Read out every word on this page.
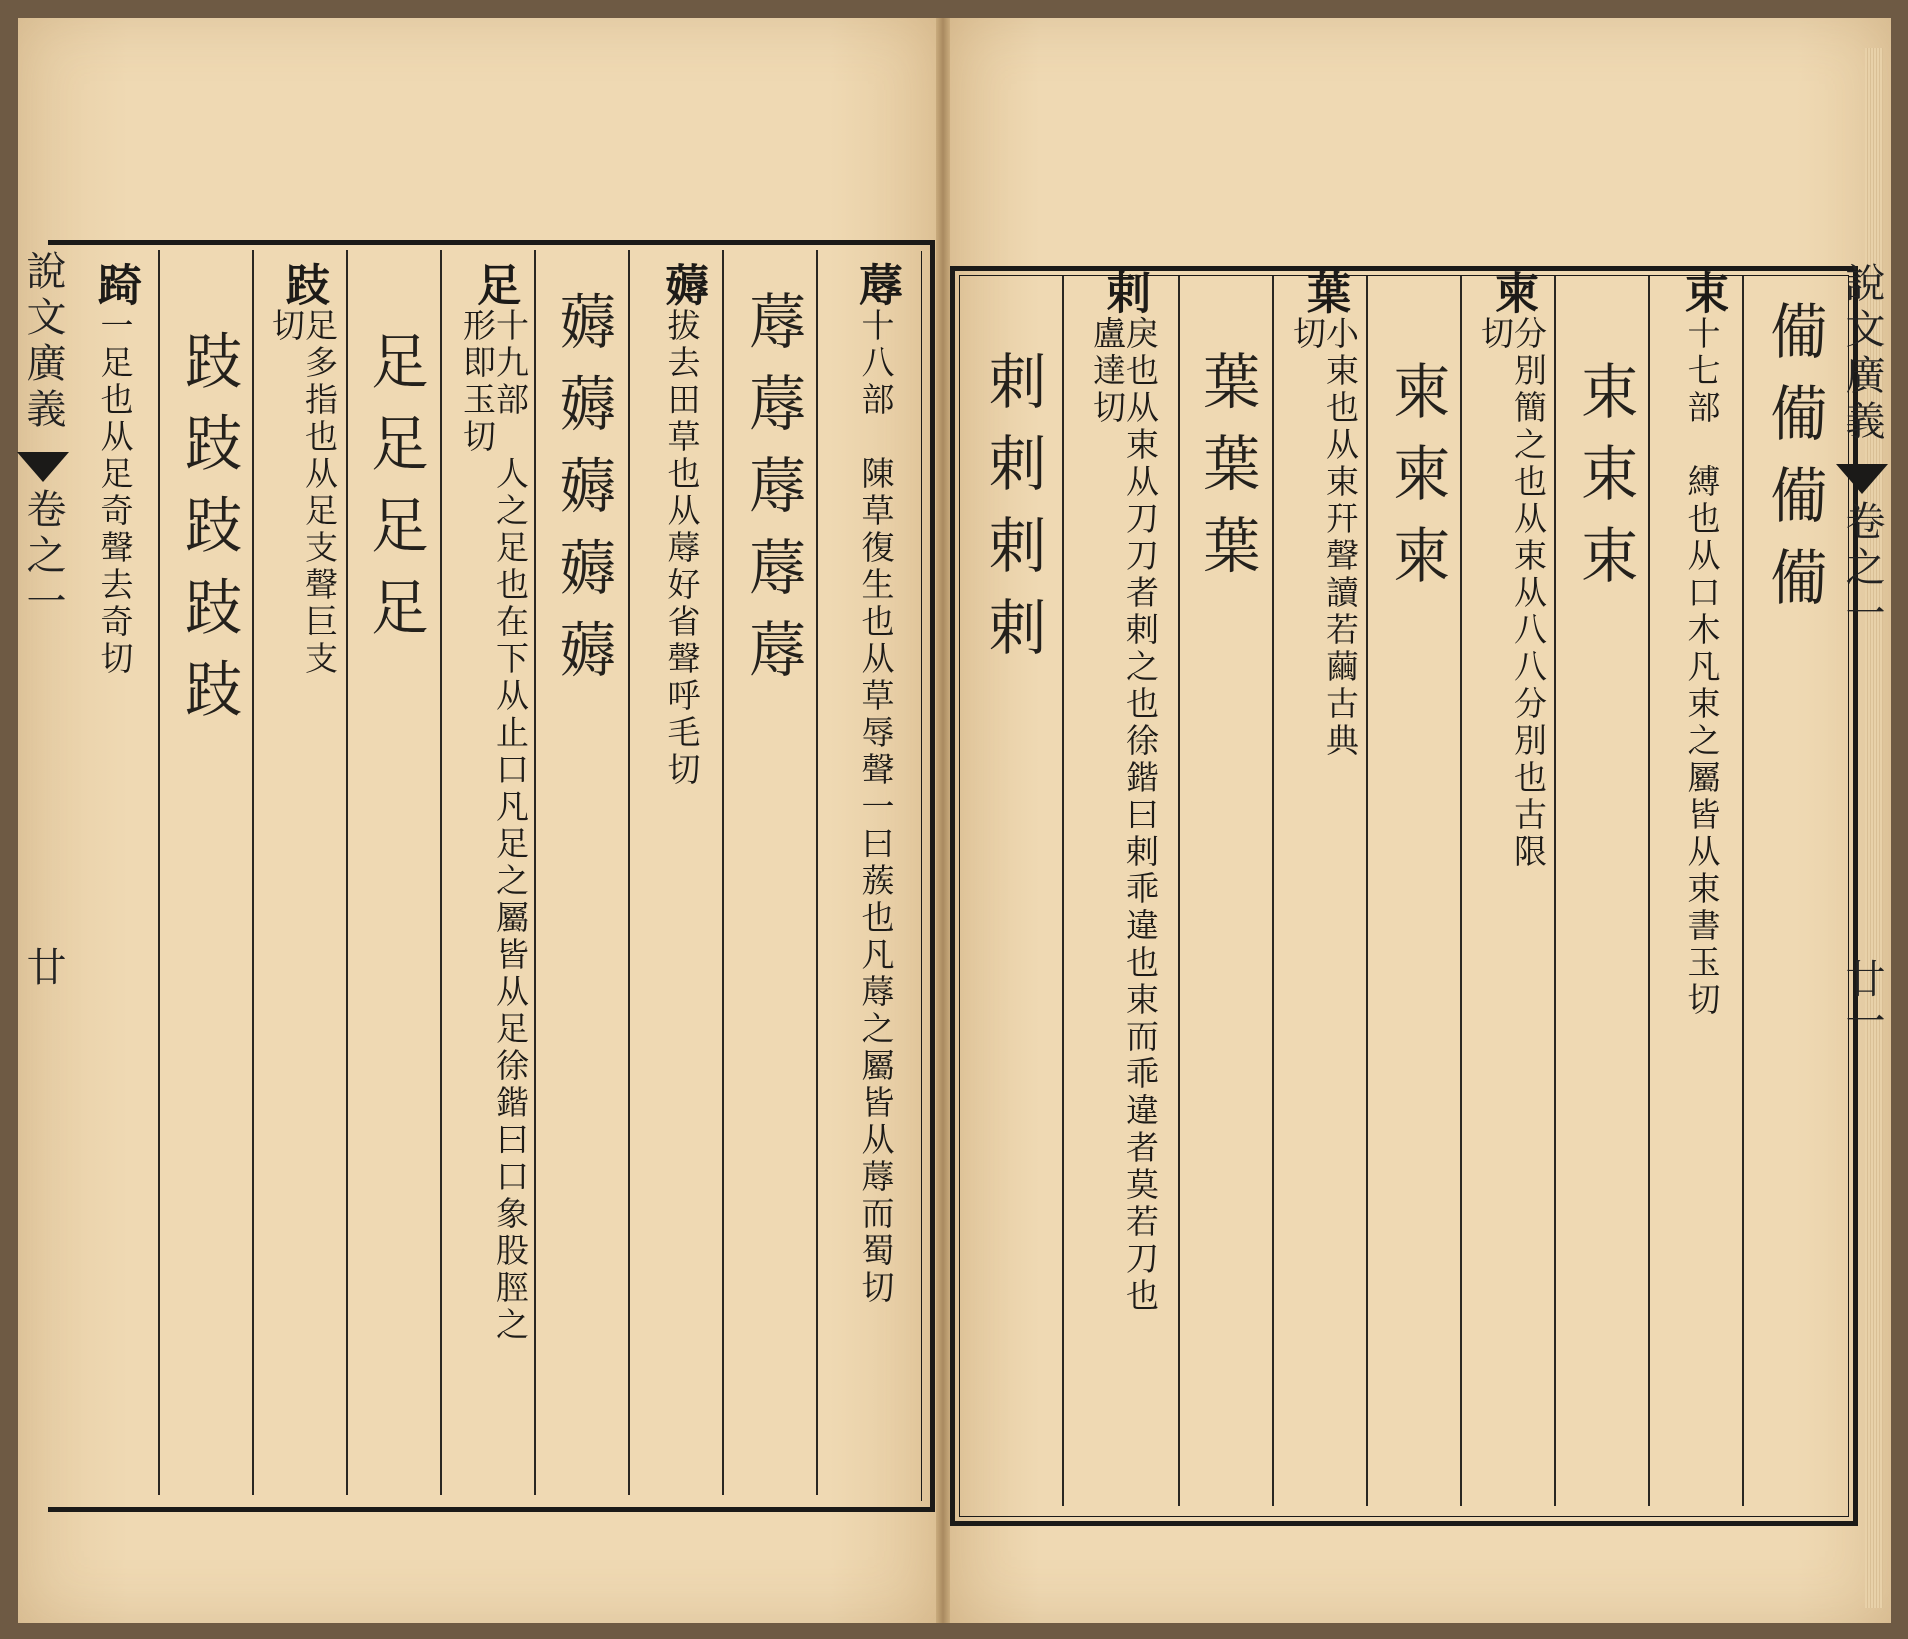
說文廣義
卷之一
廿
說文廣義
卷之一
廿一
蓐
十八部　陳草復生也从草辱聲一曰蔟也凡蓐之屬皆从蓐而蜀切
蓐蓐蓐蓐蓐
薅
拔去田草也从蓐好省聲呼毛切
薅薅薅薅薅
足
十九部　人之足也在下从止口凡足之屬皆从足徐鍇曰口象股脛之形即玉切
足足足足
跂
足多指也从足支聲巨支切
跂跂跂跂跂
踦
一足也从足奇聲去奇切	僃僃僃僃
束
十七部　縛也从口木凡束之屬皆从束書玉切
束束束
柬
分別簡之也从束从八八分別也古限切
柬柬柬
葉
小束也从束幵聲讀若繭古典切
葉葉葉
剌
戾也从束从刀刀者剌之也徐鍇曰剌乖違也束而乖違者莫若刀也盧達切
剌剌剌剌
